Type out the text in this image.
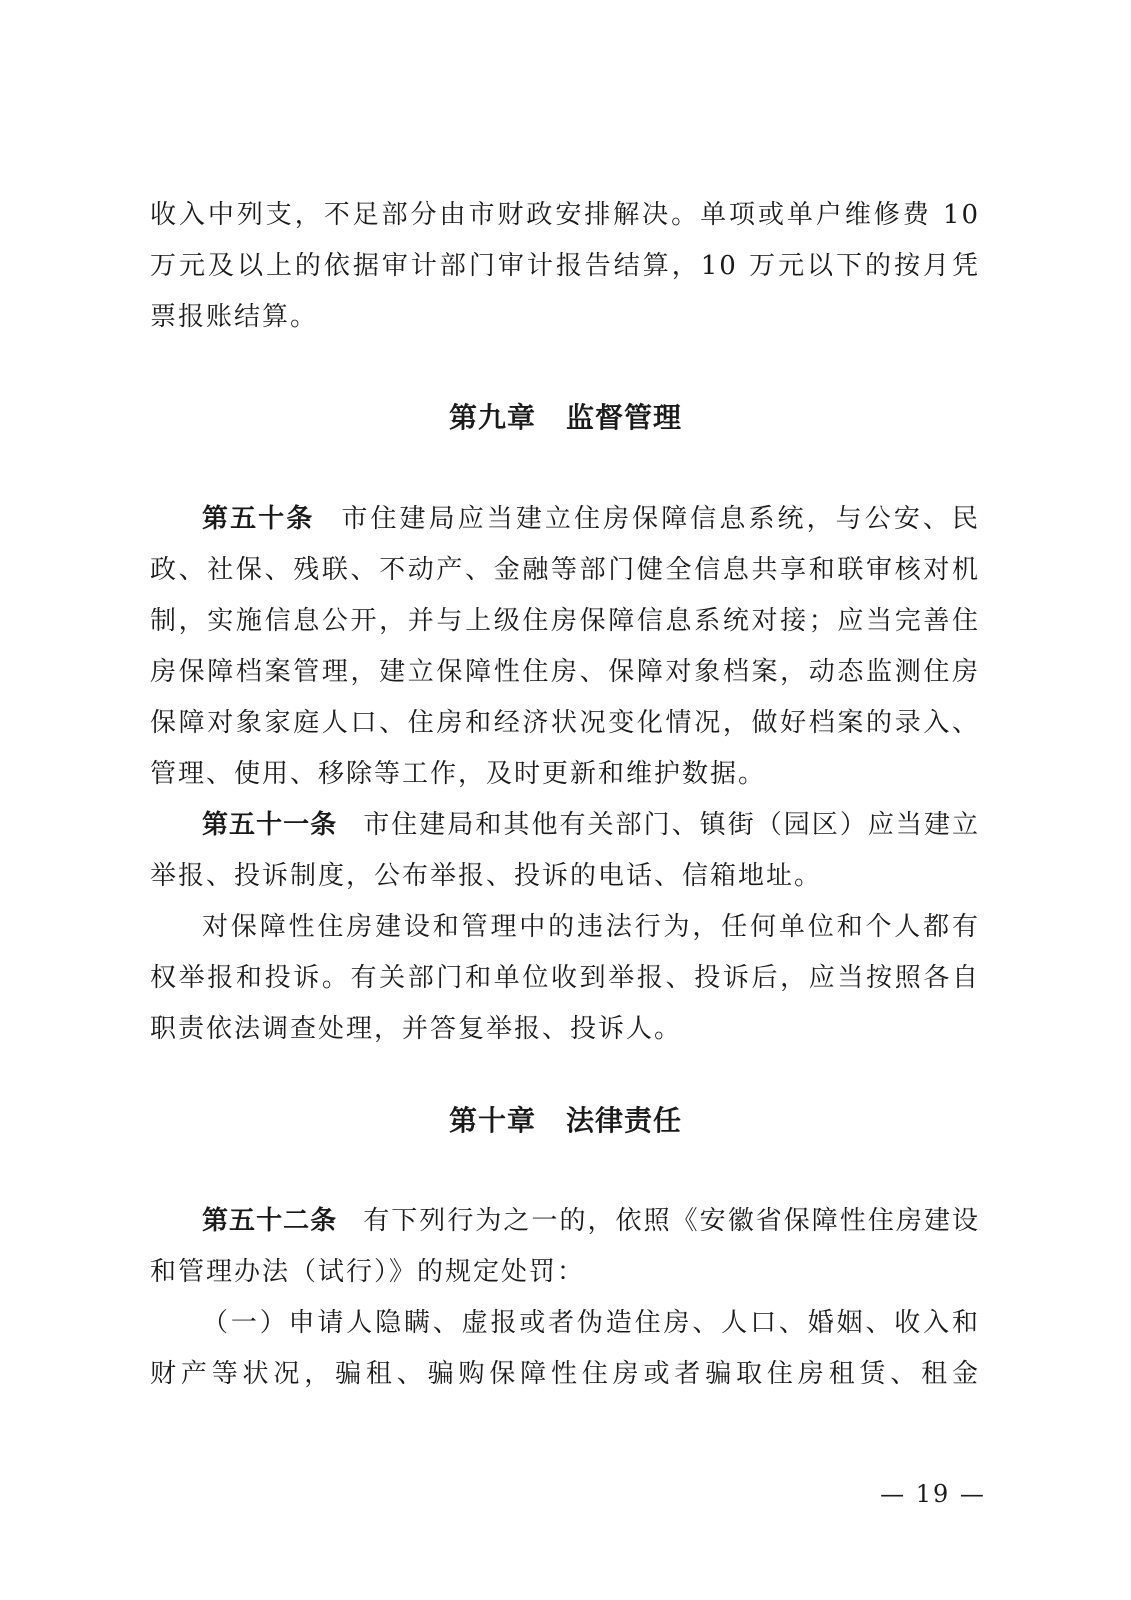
收入中列支，不足部分由市财政安排解决。单项或单户维修费 10 万元及以上的依据审计部门审计报告结算，10 万元以下的按月凭票报账结算。

第九章 监督管理

第五十条 市住建局应当建立住房保障信息系统，与公安、民政、社保、残联、不动产、金融等部门健全信息共享和联审核对机制，实施信息公开，并与上级住房保障信息系统对接；应当完善住房保障档案管理，建立保障性住房、保障对象档案，动态监测住房保障对象家庭人口、住房和经济状况变化情况，做好档案的录入、管理、使用、移除等工作，及时更新和维护数据。

第五十一条 市住建局和其他有关部门、镇街（园区）应当建立举报、投诉制度，公布举报、投诉的电话、信箱地址。

对保障性住房建设和管理中的违法行为，任何单位和个人都有权举报和投诉。有关部门和单位收到举报、投诉后，应当按照各自职责依法调查处理，并答复举报、投诉人。

第十章 法律责任

第五十二条 有下列行为之一的，依照《安徽省保障性住房建设和管理办法（试行）》的规定处罚：

（一）申请人隐瞒、虚报或者伪造住房、人口、婚姻、收入和财产等状况，骗租、骗购保障性住房或者骗取住房租赁、租金

— 19 —
